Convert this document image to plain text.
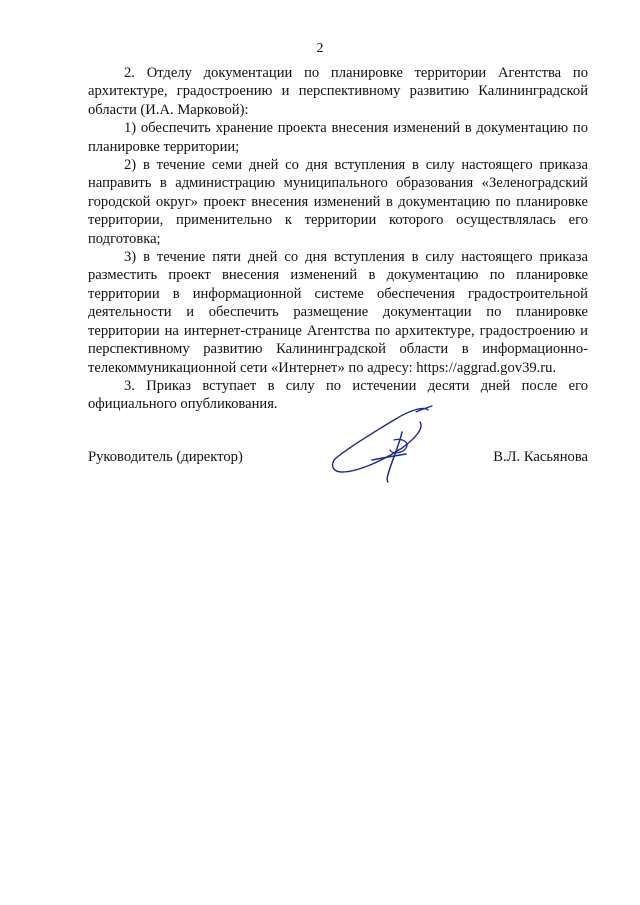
2

2. Отделу документации по планировке территории Агентства по архитектуре, градостроению и перспективному развитию Калининградской области (И.А. Марковой):

1) обеспечить хранение проекта внесения изменений в документацию по планировке территории;

2) в течение семи дней со дня вступления в силу настоящего приказа направить в администрацию муниципального образования «Зеленоградский городской округ» проект внесения изменений в документацию по планировке территории, применительно к территории которого осуществлялась его подготовка;

3) в течение пяти дней со дня вступления в силу настоящего приказа разместить проект внесения изменений в документацию по планировке территории в информационной системе обеспечения градостроительной деятельности и обеспечить размещение документации по планировке территории на интернет-странице Агентства по архитектуре, градостроению и перспективному развитию Калининградской области в информационно-телекоммуникационной сети «Интернет» по адресу: https://aggrad.gov39.ru.

3. Приказ вступает в силу по истечении десяти дней после его официального опубликования.

Руководитель (директор)	В.Л. Касьянова
